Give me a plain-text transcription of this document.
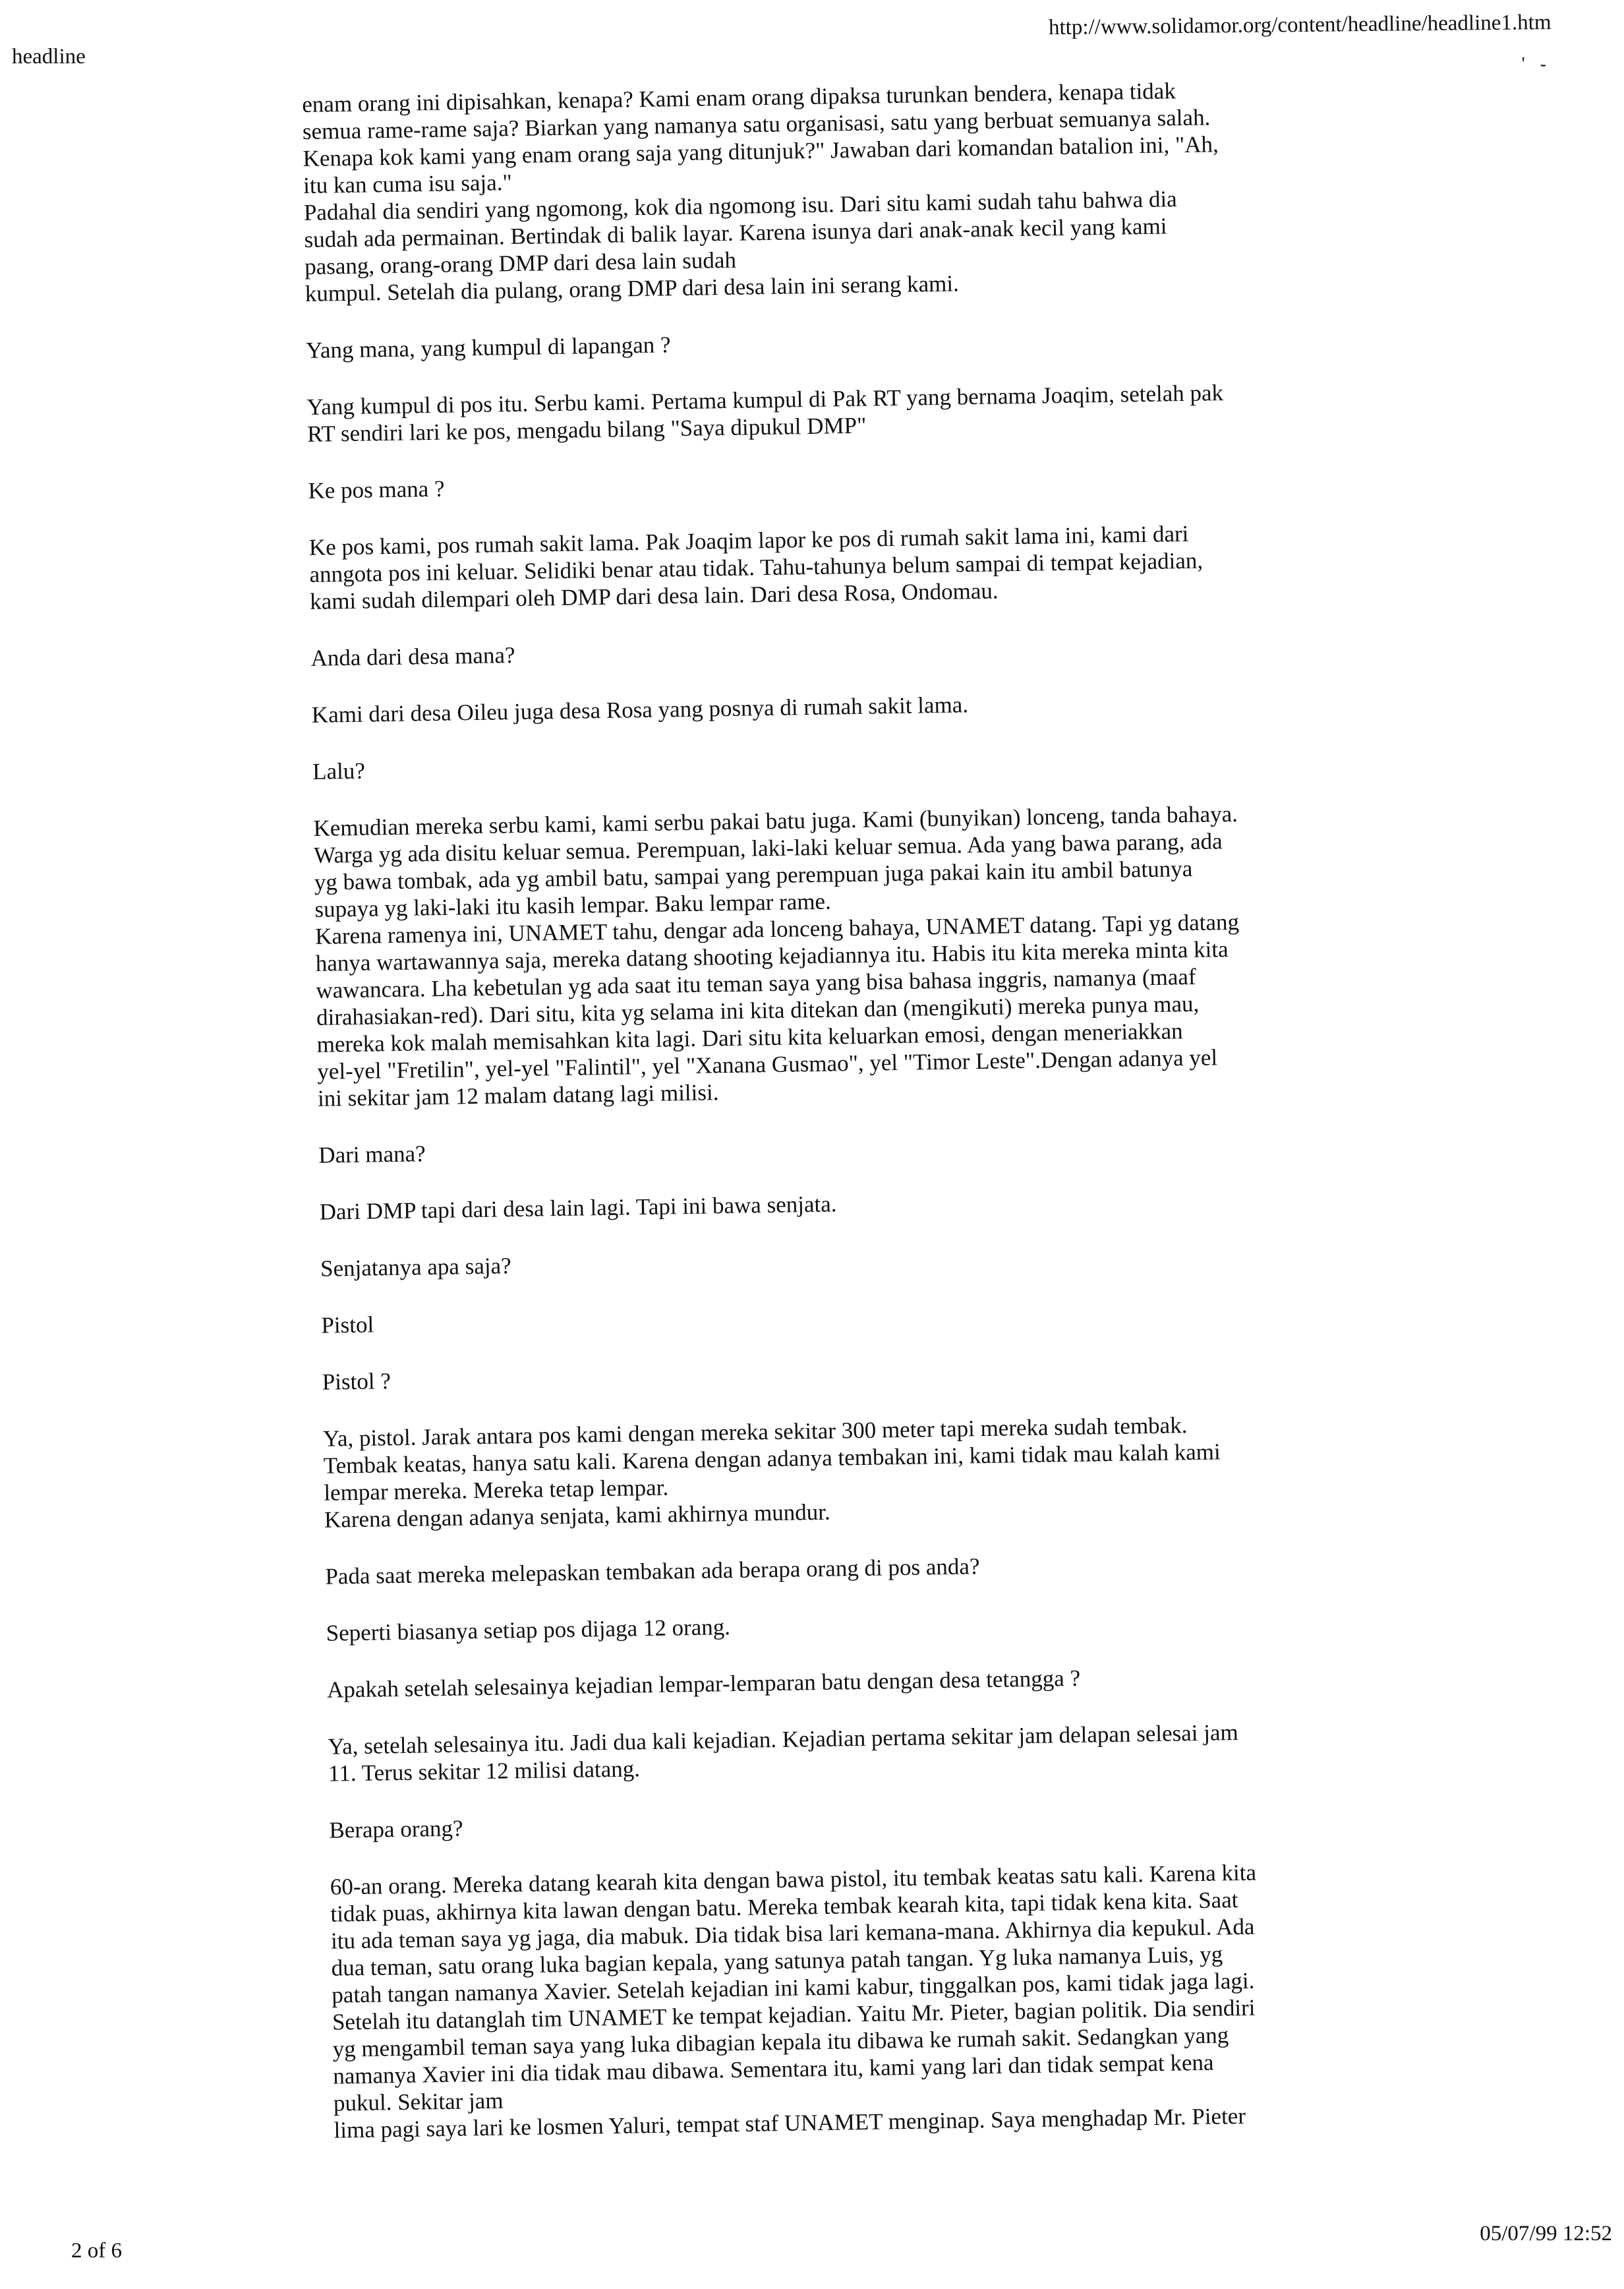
headline
http://www.solidamor.org/content/headline/headline1.htm
' -

enam orang ini dipisahkan, kenapa? Kami enam orang dipaksa turunkan bendera, kenapa tidak
semua rame-rame saja? Biarkan yang namanya satu organisasi, satu yang berbuat semuanya salah.
Kenapa kok kami yang enam orang saja yang ditunjuk?" Jawaban dari komandan batalion ini, "Ah,
itu kan cuma isu saja."
Padahal dia sendiri yang ngomong, kok dia ngomong isu. Dari situ kami sudah tahu bahwa dia
sudah ada permainan. Bertindak di balik layar. Karena isunya dari anak-anak kecil yang kami
pasang, orang-orang DMP dari desa lain sudah
kumpul. Setelah dia pulang, orang DMP dari desa lain ini serang kami.

Yang mana, yang kumpul di lapangan ?

Yang kumpul di pos itu. Serbu kami. Pertama kumpul di Pak RT yang bernama Joaqim, setelah pak
RT sendiri lari ke pos, mengadu bilang "Saya dipukul DMP"

Ke pos mana ?

Ke pos kami, pos rumah sakit lama. Pak Joaqim lapor ke pos di rumah sakit lama ini, kami dari
anngota pos ini keluar. Selidiki benar atau tidak. Tahu-tahunya belum sampai di tempat kejadian,
kami sudah dilempari oleh DMP dari desa lain. Dari desa Rosa, Ondomau.

Anda dari desa mana?

Kami dari desa Oileu juga desa Rosa yang posnya di rumah sakit lama.

Lalu?

Kemudian mereka serbu kami, kami serbu pakai batu juga. Kami (bunyikan) lonceng, tanda bahaya.
Warga yg ada disitu keluar semua. Perempuan, laki-laki keluar semua. Ada yang bawa parang, ada
yg bawa tombak, ada yg ambil batu, sampai yang perempuan juga pakai kain itu ambil batunya
supaya yg laki-laki itu kasih lempar. Baku lempar rame.
Karena ramenya ini, UNAMET tahu, dengar ada lonceng bahaya, UNAMET datang. Tapi yg datang
hanya wartawannya saja, mereka datang shooting kejadiannya itu. Habis itu kita mereka minta kita
wawancara. Lha kebetulan yg ada saat itu teman saya yang bisa bahasa inggris, namanya (maaf
dirahasiakan-red). Dari situ, kita yg selama ini kita ditekan dan (mengikuti) mereka punya mau,
mereka kok malah memisahkan kita lagi. Dari situ kita keluarkan emosi, dengan meneriakkan
yel-yel "Fretilin", yel-yel "Falintil", yel "Xanana Gusmao", yel "Timor Leste".Dengan adanya yel
ini sekitar jam 12 malam datang lagi milisi.

Dari mana?

Dari DMP tapi dari desa lain lagi. Tapi ini bawa senjata.

Senjatanya apa saja?

Pistol

Pistol ?

Ya, pistol. Jarak antara pos kami dengan mereka sekitar 300 meter tapi mereka sudah tembak.
Tembak keatas, hanya satu kali. Karena dengan adanya tembakan ini, kami tidak mau kalah kami
lempar mereka. Mereka tetap lempar.
Karena dengan adanya senjata, kami akhirnya mundur.

Pada saat mereka melepaskan tembakan ada berapa orang di pos anda?

Seperti biasanya setiap pos dijaga 12 orang.

Apakah setelah selesainya kejadian lempar-lemparan batu dengan desa tetangga ?

Ya, setelah selesainya itu. Jadi dua kali kejadian. Kejadian pertama sekitar jam delapan selesai jam
11. Terus sekitar 12 milisi datang.

Berapa orang?

60-an orang. Mereka datang kearah kita dengan bawa pistol, itu tembak keatas satu kali. Karena kita
tidak puas, akhirnya kita lawan dengan batu. Mereka tembak kearah kita, tapi tidak kena kita. Saat
itu ada teman saya yg jaga, dia mabuk. Dia tidak bisa lari kemana-mana. Akhirnya dia kepukul. Ada
dua teman, satu orang luka bagian kepala, yang satunya patah tangan. Yg luka namanya Luis, yg
patah tangan namanya Xavier. Setelah kejadian ini kami kabur, tinggalkan pos, kami tidak jaga lagi.
Setelah itu datanglah tim UNAMET ke tempat kejadian. Yaitu Mr. Pieter, bagian politik. Dia sendiri
yg mengambil teman saya yang luka dibagian kepala itu dibawa ke rumah sakit. Sedangkan yang
namanya Xavier ini dia tidak mau dibawa. Sementara itu, kami yang lari dan tidak sempat kena
pukul. Sekitar jam
lima pagi saya lari ke losmen Yaluri, tempat staf UNAMET menginap. Saya menghadap Mr. Pieter

2 of 6
05/07/99 12:52
